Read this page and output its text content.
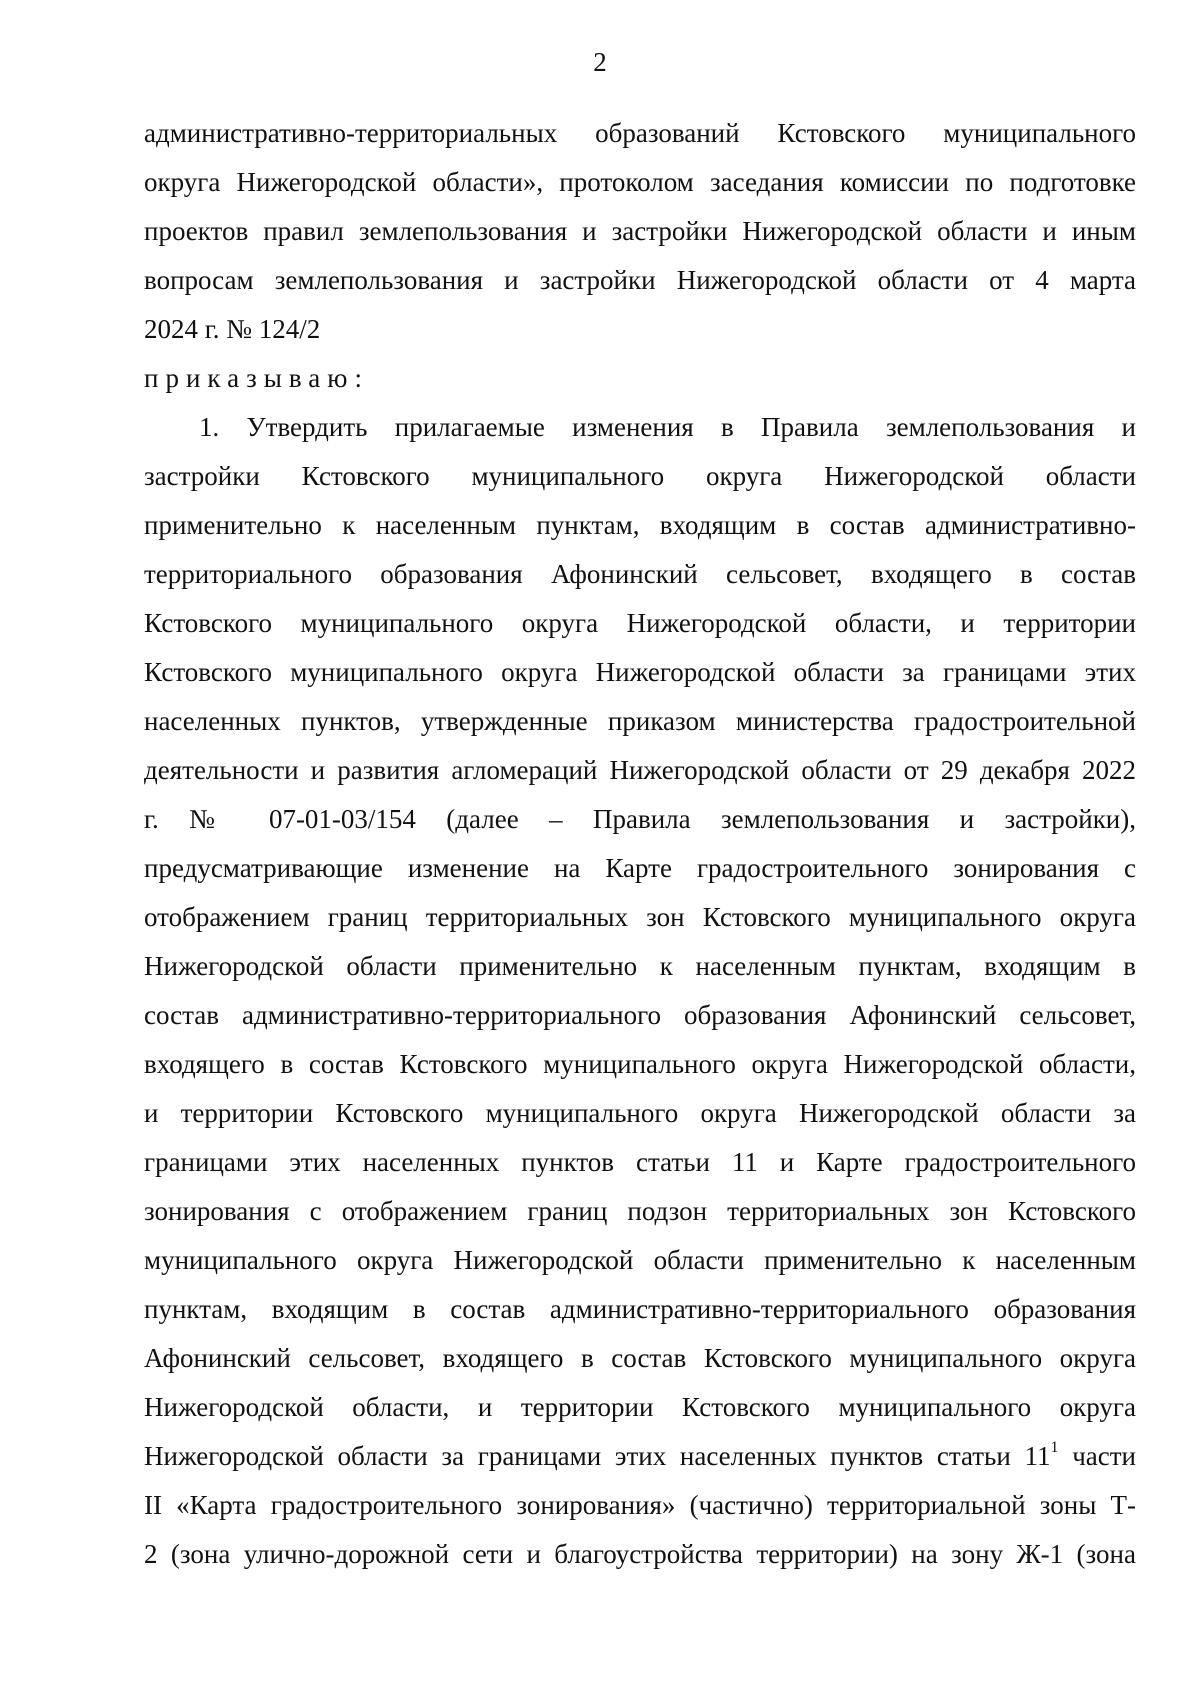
2
административно-территориальных образований Кстовского муниципального
округа Нижегородской области», протоколом заседания комиссии по подготовке
проектов правил землепользования и застройки Нижегородской области и иным
вопросам землепользования и застройки Нижегородской области от 4 марта
2024 г. № 124/2
приказываю:
1. Утвердить прилагаемые изменения в Правила землепользования и
застройки Кстовского муниципального округа Нижегородской области
применительно к населенным пунктам, входящим в состав административно-
территориального образования Афонинский сельсовет, входящего в состав
Кстовского муниципального округа Нижегородской области, и территории
Кстовского муниципального округа Нижегородской области за границами этих
населенных пунктов, утвержденные приказом министерства градостроительной
деятельности и развития агломераций Нижегородской области от 29 декабря 2022
г. № 07-01-03/154 (далее – Правила землепользования и застройки),
предусматривающие изменение на Карте градостроительного зонирования с
отображением границ территориальных зон Кстовского муниципального округа
Нижегородской области применительно к населенным пунктам, входящим в
состав административно-территориального образования Афонинский сельсовет,
входящего в состав Кстовского муниципального округа Нижегородской области,
и территории Кстовского муниципального округа Нижегородской области за
границами этих населенных пунктов статьи 11 и Карте градостроительного
зонирования с отображением границ подзон территориальных зон Кстовского
муниципального округа Нижегородской области применительно к населенным
пунктам, входящим в состав административно-территориального образования
Афонинский сельсовет, входящего в состав Кстовского муниципального округа
Нижегородской области, и территории Кстовского муниципального округа
Нижегородской области за границами этих населенных пунктов статьи $11^1$ части
II «Карта градостроительного зонирования» (частично) территориальной зоны Т-
2 (зона улично-дорожной сети и благоустройства территории) на зону Ж-1 (зона
